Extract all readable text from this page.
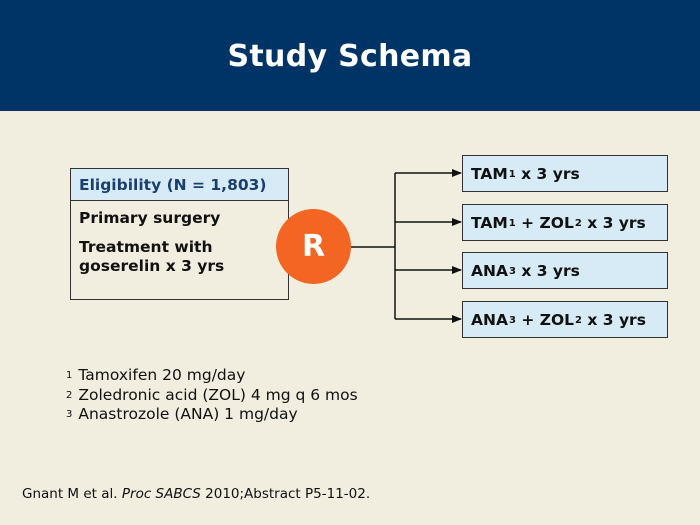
Study Schema
Eligibility (N = 1,803)
Primary surgery
Treatment with
goserelin x 3 yrs
R
TAM$^1$ x 3 yrs
$TAM^1 + ZOL^2$ x 3 yrs
ANA$^3$ x 3 yrs
$ANA^3 + ZOL^2$ x 3 yrs
$^1$ Tamoxifen 20 mg/day
$^2$ Zoledronic acid (ZOL) 4 mg q 6 mos
$^3$ Anastrozole (ANA) 1 mg/day
Gnant M et al. Proc SABCS 2010;Abstract P5-11-02.
